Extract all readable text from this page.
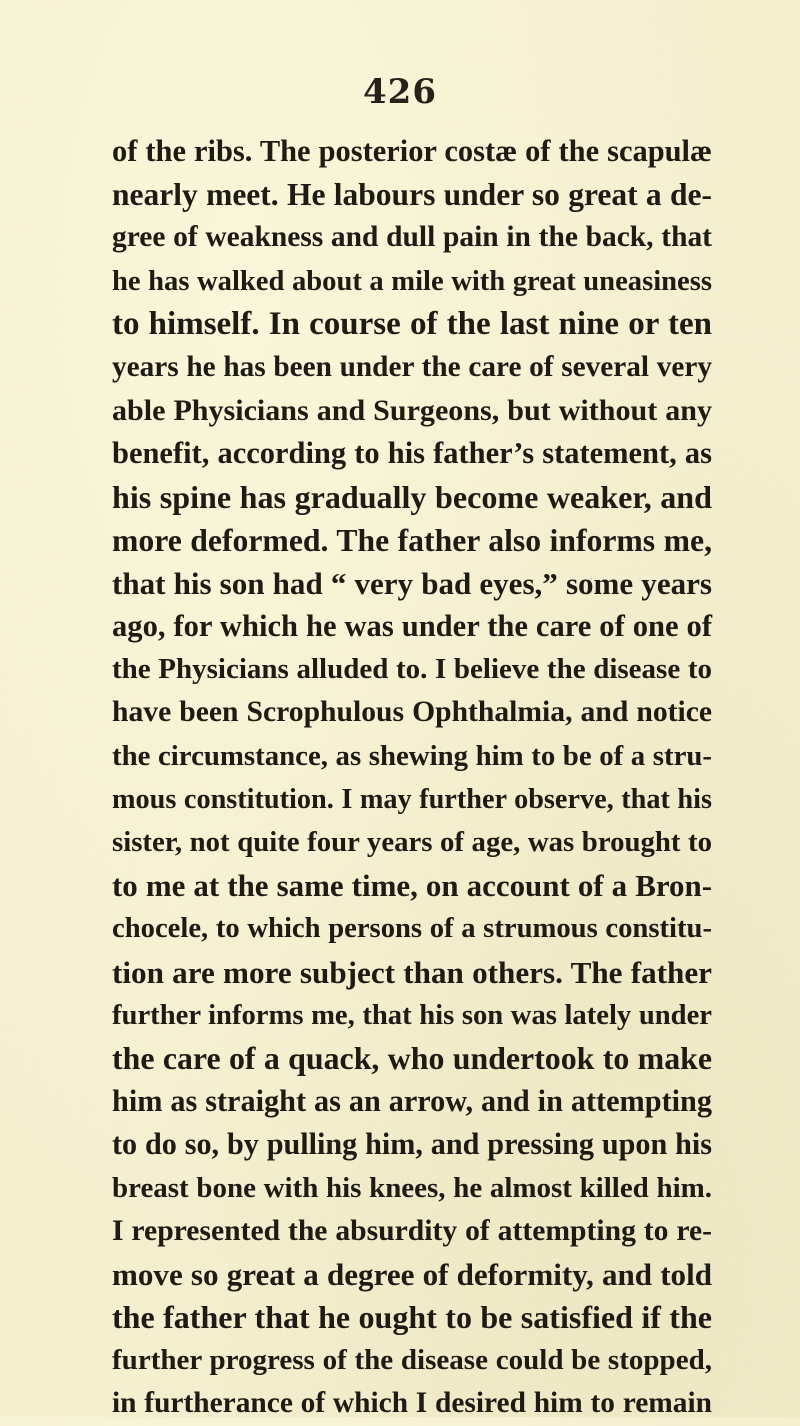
426
of the ribs. The posterior costæ of the scapulæ
nearly meet. He labours under so great a de-
gree of weakness and dull pain in the back, that
he has walked about a mile with great uneasiness
to himself. In course of the last nine or ten
years he has been under the care of several very
able Physicians and Surgeons, but without any
benefit, according to his father’s statement, as
his spine has gradually become weaker, and
more deformed. The father also informs me,
that his son had “ very bad eyes,” some years
ago, for which he was under the care of one of
the Physicians alluded to. I believe the disease to
have been Scrophulous Ophthalmia, and notice
the circumstance, as shewing him to be of a stru-
mous constitution. I may further observe, that his
sister, not quite four years of age, was brought to
to me at the same time, on account of a Bron-
chocele, to which persons of a strumous constitu-
tion are more subject than others. The father
further informs me, that his son was lately under
the care of a quack, who undertook to make
him as straight as an arrow, and in attempting
to do so, by pulling him, and pressing upon his
breast bone with his knees, he almost killed him.
I represented the absurdity of attempting to re-
move so great a degree of deformity, and told
the father that he ought to be satisfied if the
further progress of the disease could be stopped,
in furtherance of which I desired him to remain
